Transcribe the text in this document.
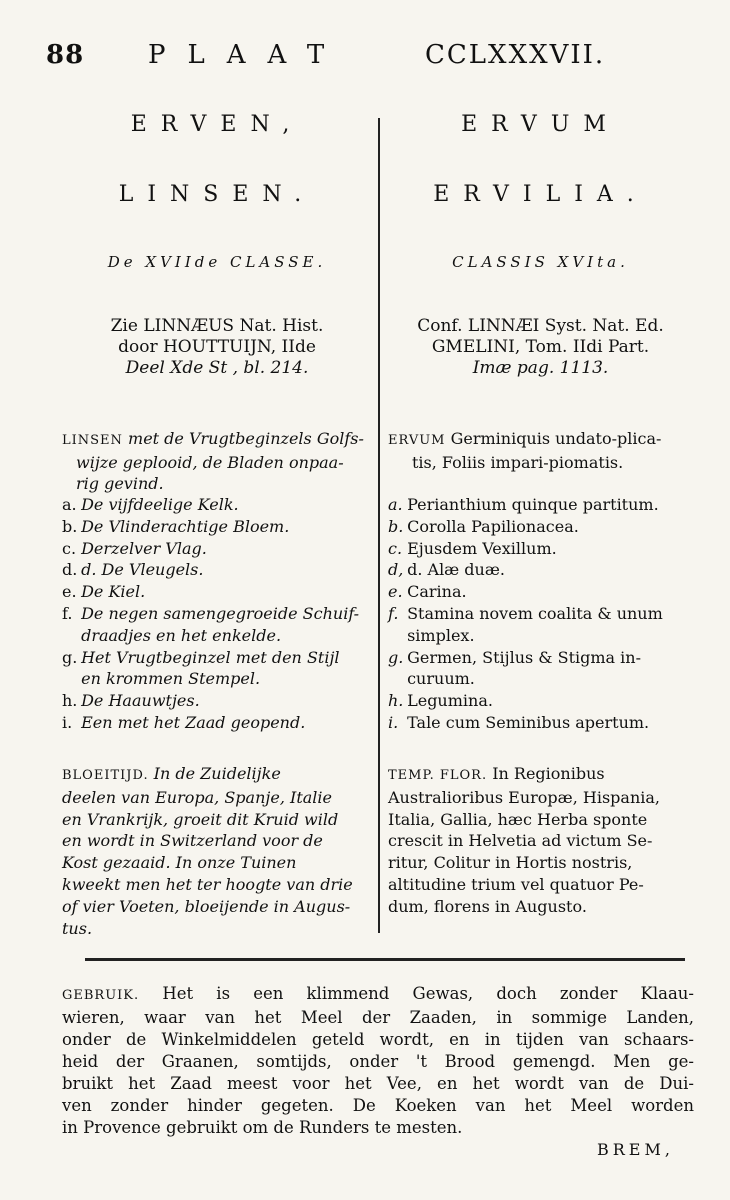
88 PLAAT	CCLXXXVII.
ERVEN,
LINSEN.
De XVIIde CLASSE.
Zie LINNÆUS Nat. Hist.
door HOUTTUIJN, IIde
Deel Xde St , bl. 214.
LINSEN met de Vrugtbeginzels Golfs-
wijze geplooid, de Bladen onpaa-
rig gevind.
a. De vijfdeelige Kelk.
b. De Vlinderachtige Bloem.
c. Derzelver Vlag.
d. d. De Vleugels.
e. De Kiel.
f. De negen samengegroeide Schuif-
draadjes en het enkelde.
g. Het Vrugtbeginzel met den Stijl
en krommen Stempel.
h. De Haauwtjes.
i. Een met het Zaad geopend.
BLOEITIJD. In de Zuidelijke
deelen van Europa, Spanje, Italie
en Vrankrijk, groeit dit Kruid wild
en wordt in Switzerland voor de
Kost gezaaid. In onze Tuinen
kweekt men het ter hoogte van drie
of vier Voeten, bloeijende in Augus-
tus.
ERVUM
ERVILIA.
CLASSIS XVIta.
Conf. LINNÆI Syst. Nat. Ed.
GMELINI, Tom. IIdi Part.
Imæ pag. 1113.
ERVUM Germiniquis undato-plica-
tis, Foliis impari-piomatis.
a. Perianthium quinque partitum.
b. Corolla Papilionacea.
c. Ejusdem Vexillum.
d, d. Alæ duæ.
e. Carina.
f. Stamina novem coalita & unum
simplex.
g. Germen, Stijlus & Stigma in-
curuum.
h. Legumina.
i. Tale cum Seminibus apertum.
TEMP. FLOR. In Regionibus
Australioribus Europæ, Hispania,
Italia, Gallia, hæc Herba sponte
crescit in Helvetia ad victum Se-
ritur, Colitur in Hortis nostris,
altitudine trium vel quatuor Pe-
dum, florens in Augusto.
GEBRUIK. Het is een klimmend Gewas, doch zonder Klaau-
wieren, waar van het Meel der Zaaden, in sommige Landen,
onder de Winkelmiddelen geteld wordt, en in tijden van schaars-
heid der Graanen, somtijds, onder 't Brood gemengd. Men ge-
bruikt het Zaad meest voor het Vee, en het wordt van de Dui-
ven zonder hinder gegeten. De Koeken van het Meel worden
in Provence gebruikt om de Runders te mesten.
BREM,
